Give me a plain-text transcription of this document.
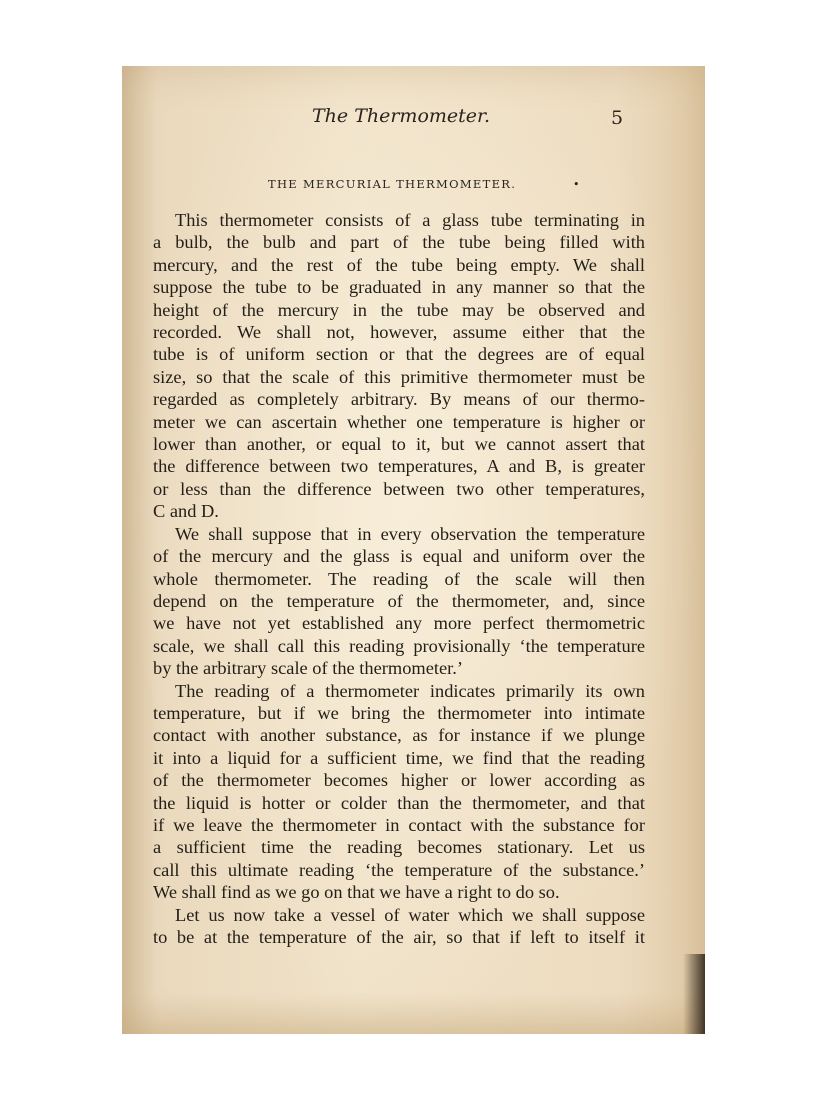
The Thermometer.	5
THE MERCURIAL THERMOMETER.	•

This thermometer consists of a glass tube terminating in
a bulb, the bulb and part of the tube being filled with
mercury, and the rest of the tube being empty. We shall
suppose the tube to be graduated in any manner so that the
height of the mercury in the tube may be observed and
recorded. We shall not, however, assume either that the
tube is of uniform section or that the degrees are of equal
size, so that the scale of this primitive thermometer must be
regarded as completely arbitrary. By means of our thermo-
meter we can ascertain whether one temperature is higher or
lower than another, or equal to it, but we cannot assert that
the difference between two temperatures, A and B, is greater
or less than the difference between two other temperatures,
C and D.

We shall suppose that in every observation the temperature
of the mercury and the glass is equal and uniform over the
whole thermometer. The reading of the scale will then
depend on the temperature of the thermometer, and, since
we have not yet established any more perfect thermometric
scale, we shall call this reading provisionally ‘the temperature
by the arbitrary scale of the thermometer.’

The reading of a thermometer indicates primarily its own
temperature, but if we bring the thermometer into intimate
contact with another substance, as for instance if we plunge
it into a liquid for a sufficient time, we find that the reading
of the thermometer becomes higher or lower according as
the liquid is hotter or colder than the thermometer, and that
if we leave the thermometer in contact with the substance for
a sufficient time the reading becomes stationary. Let us
call this ultimate reading ‘the temperature of the substance.’
We shall find as we go on that we have a right to do so.

Let us now take a vessel of water which we shall suppose
to be at the temperature of the air, so that if left to itself it
